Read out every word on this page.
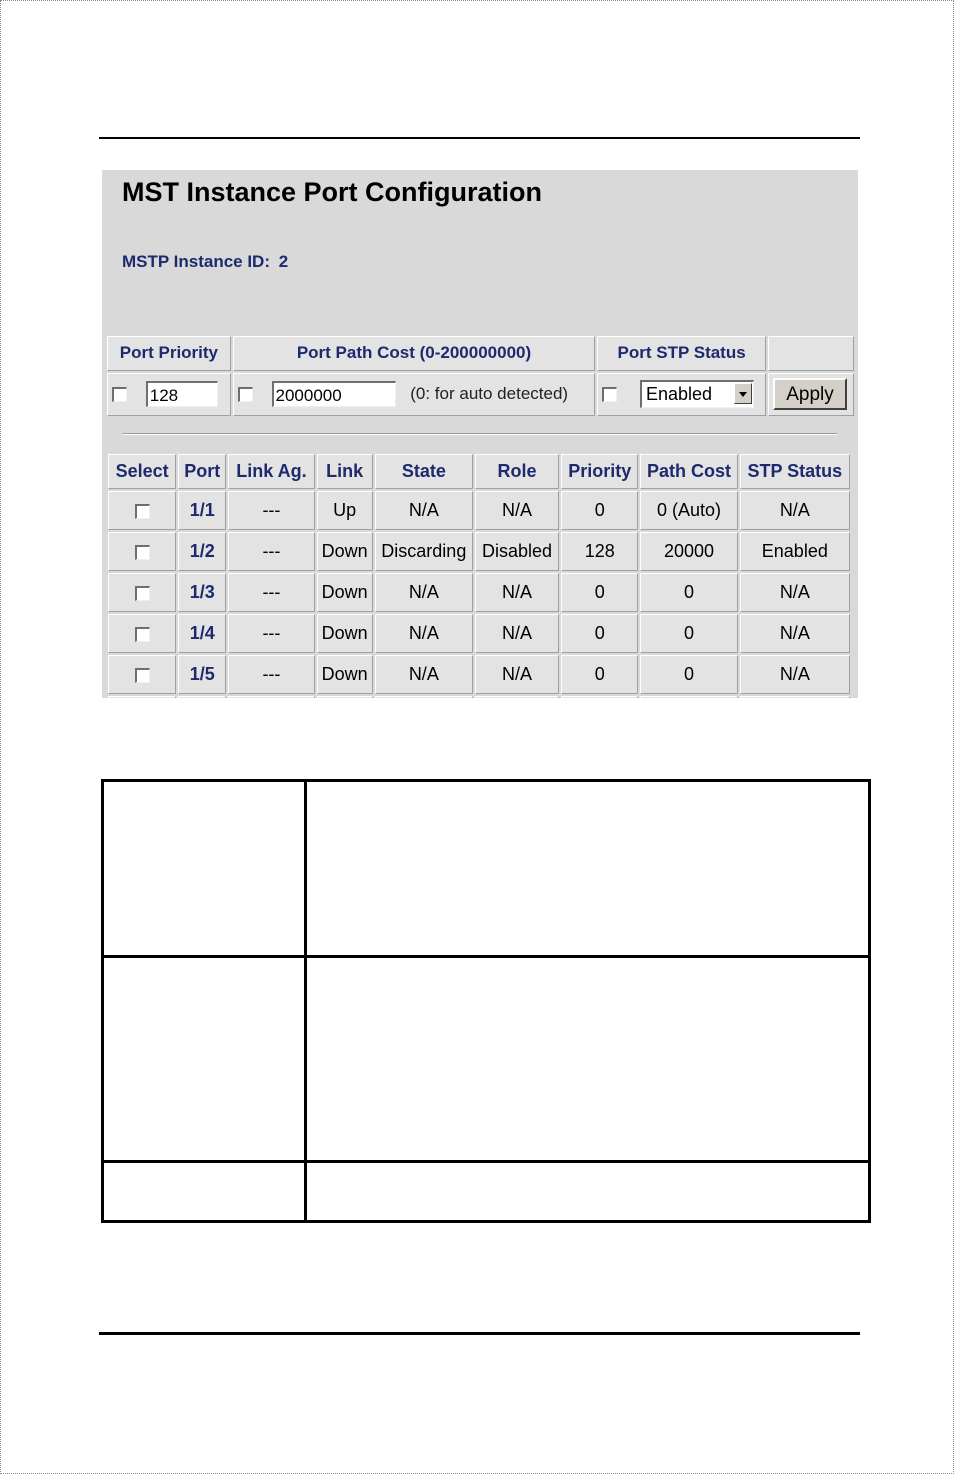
MST Instance Port Configuration
MSTP Instance ID: 2
Port Priority	Port Path Cost (0-200000000)	Port STP Status	
128	2000000 (0: for auto detected)	Enabled	Apply
Select	Port	Link Ag.	Link	State	Role	Priority	Path Cost	STP Status
	1/1	---	Up	N/A	N/A	0	0 (Auto)	N/A
	1/2	---	Down	Discarding	Disabled	128	20000	Enabled
	1/3	---	Down	N/A	N/A	0	0	N/A
	1/4	---	Down	N/A	N/A	0	0	N/A
	1/5	---	Down	N/A	N/A	0	0	N/A
